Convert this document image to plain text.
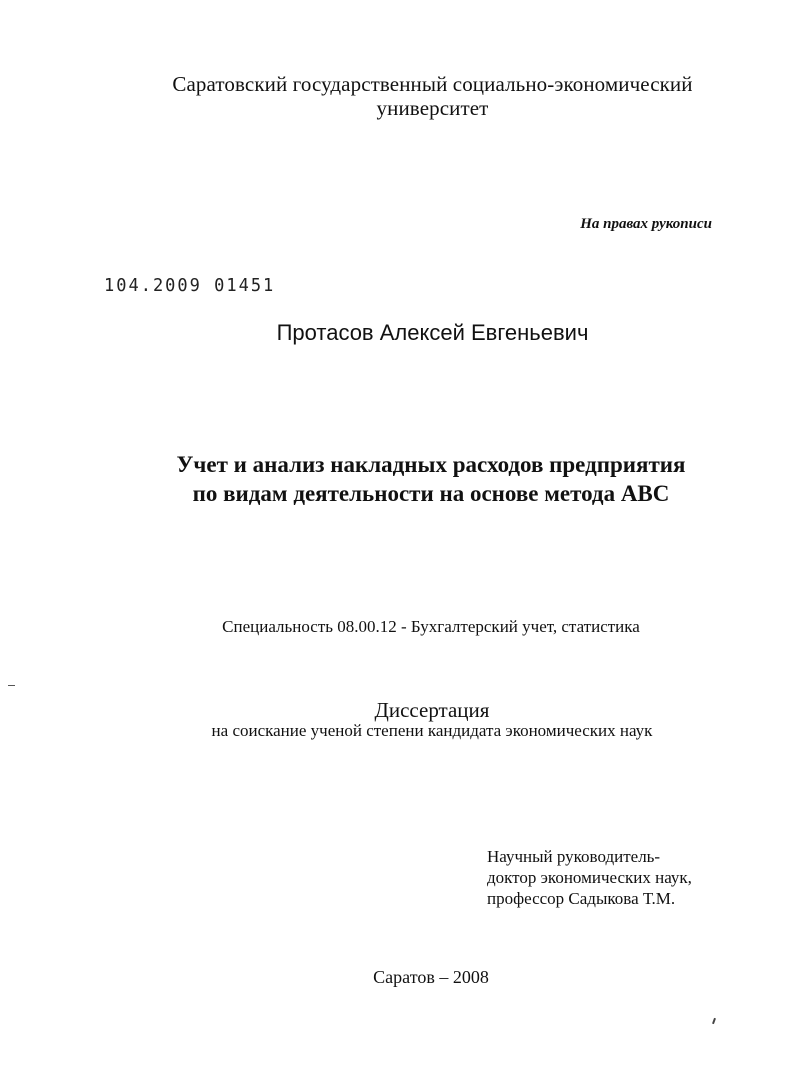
Саратовский государственный социально-экономический
университет
На правах рукописи
104.2009 01451
Протасов Алексей Евгеньевич
Учет и анализ накладных расходов предприятия
по видам деятельности на основе метода ABC
Специальность 08.00.12 - Бухгалтерский учет, статистика
Диссертация
на соискание ученой степени кандидата экономических наук
Научный руководитель-
доктор экономических наук,
профессор Садыкова Т.М.
Саратов – 2008
